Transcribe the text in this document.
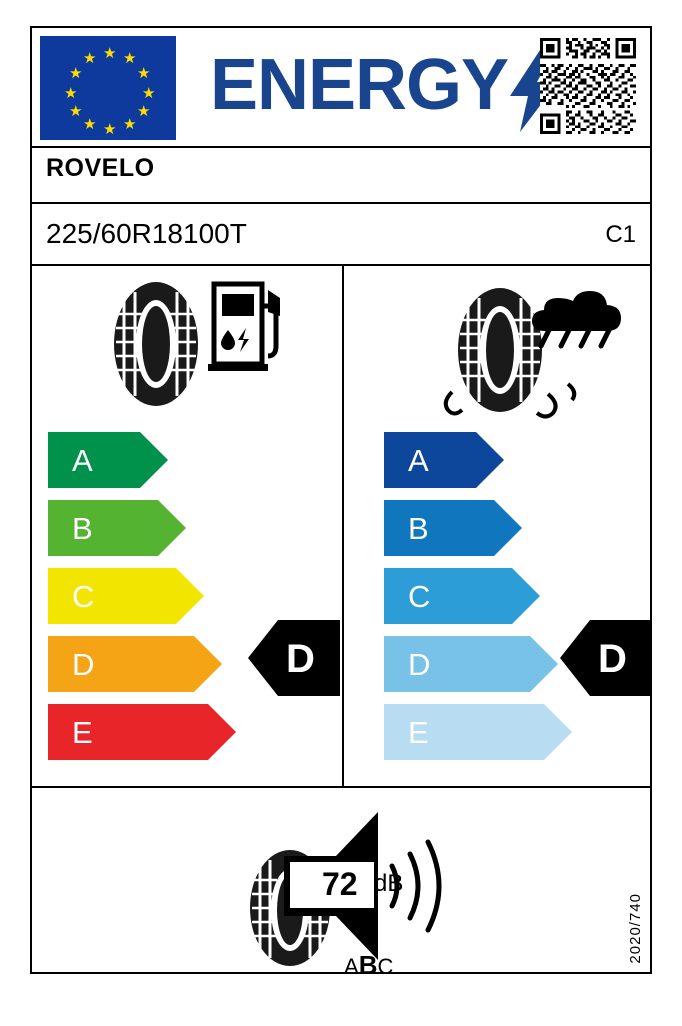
★ ★
★
★
★
★
★
★
★
★
★
★ ENERGY
ROVELO
225/60R18100T	C1
A
B
C
D
E
D
A
B
C
D
E
D
72 dB
ABC
2020/740
